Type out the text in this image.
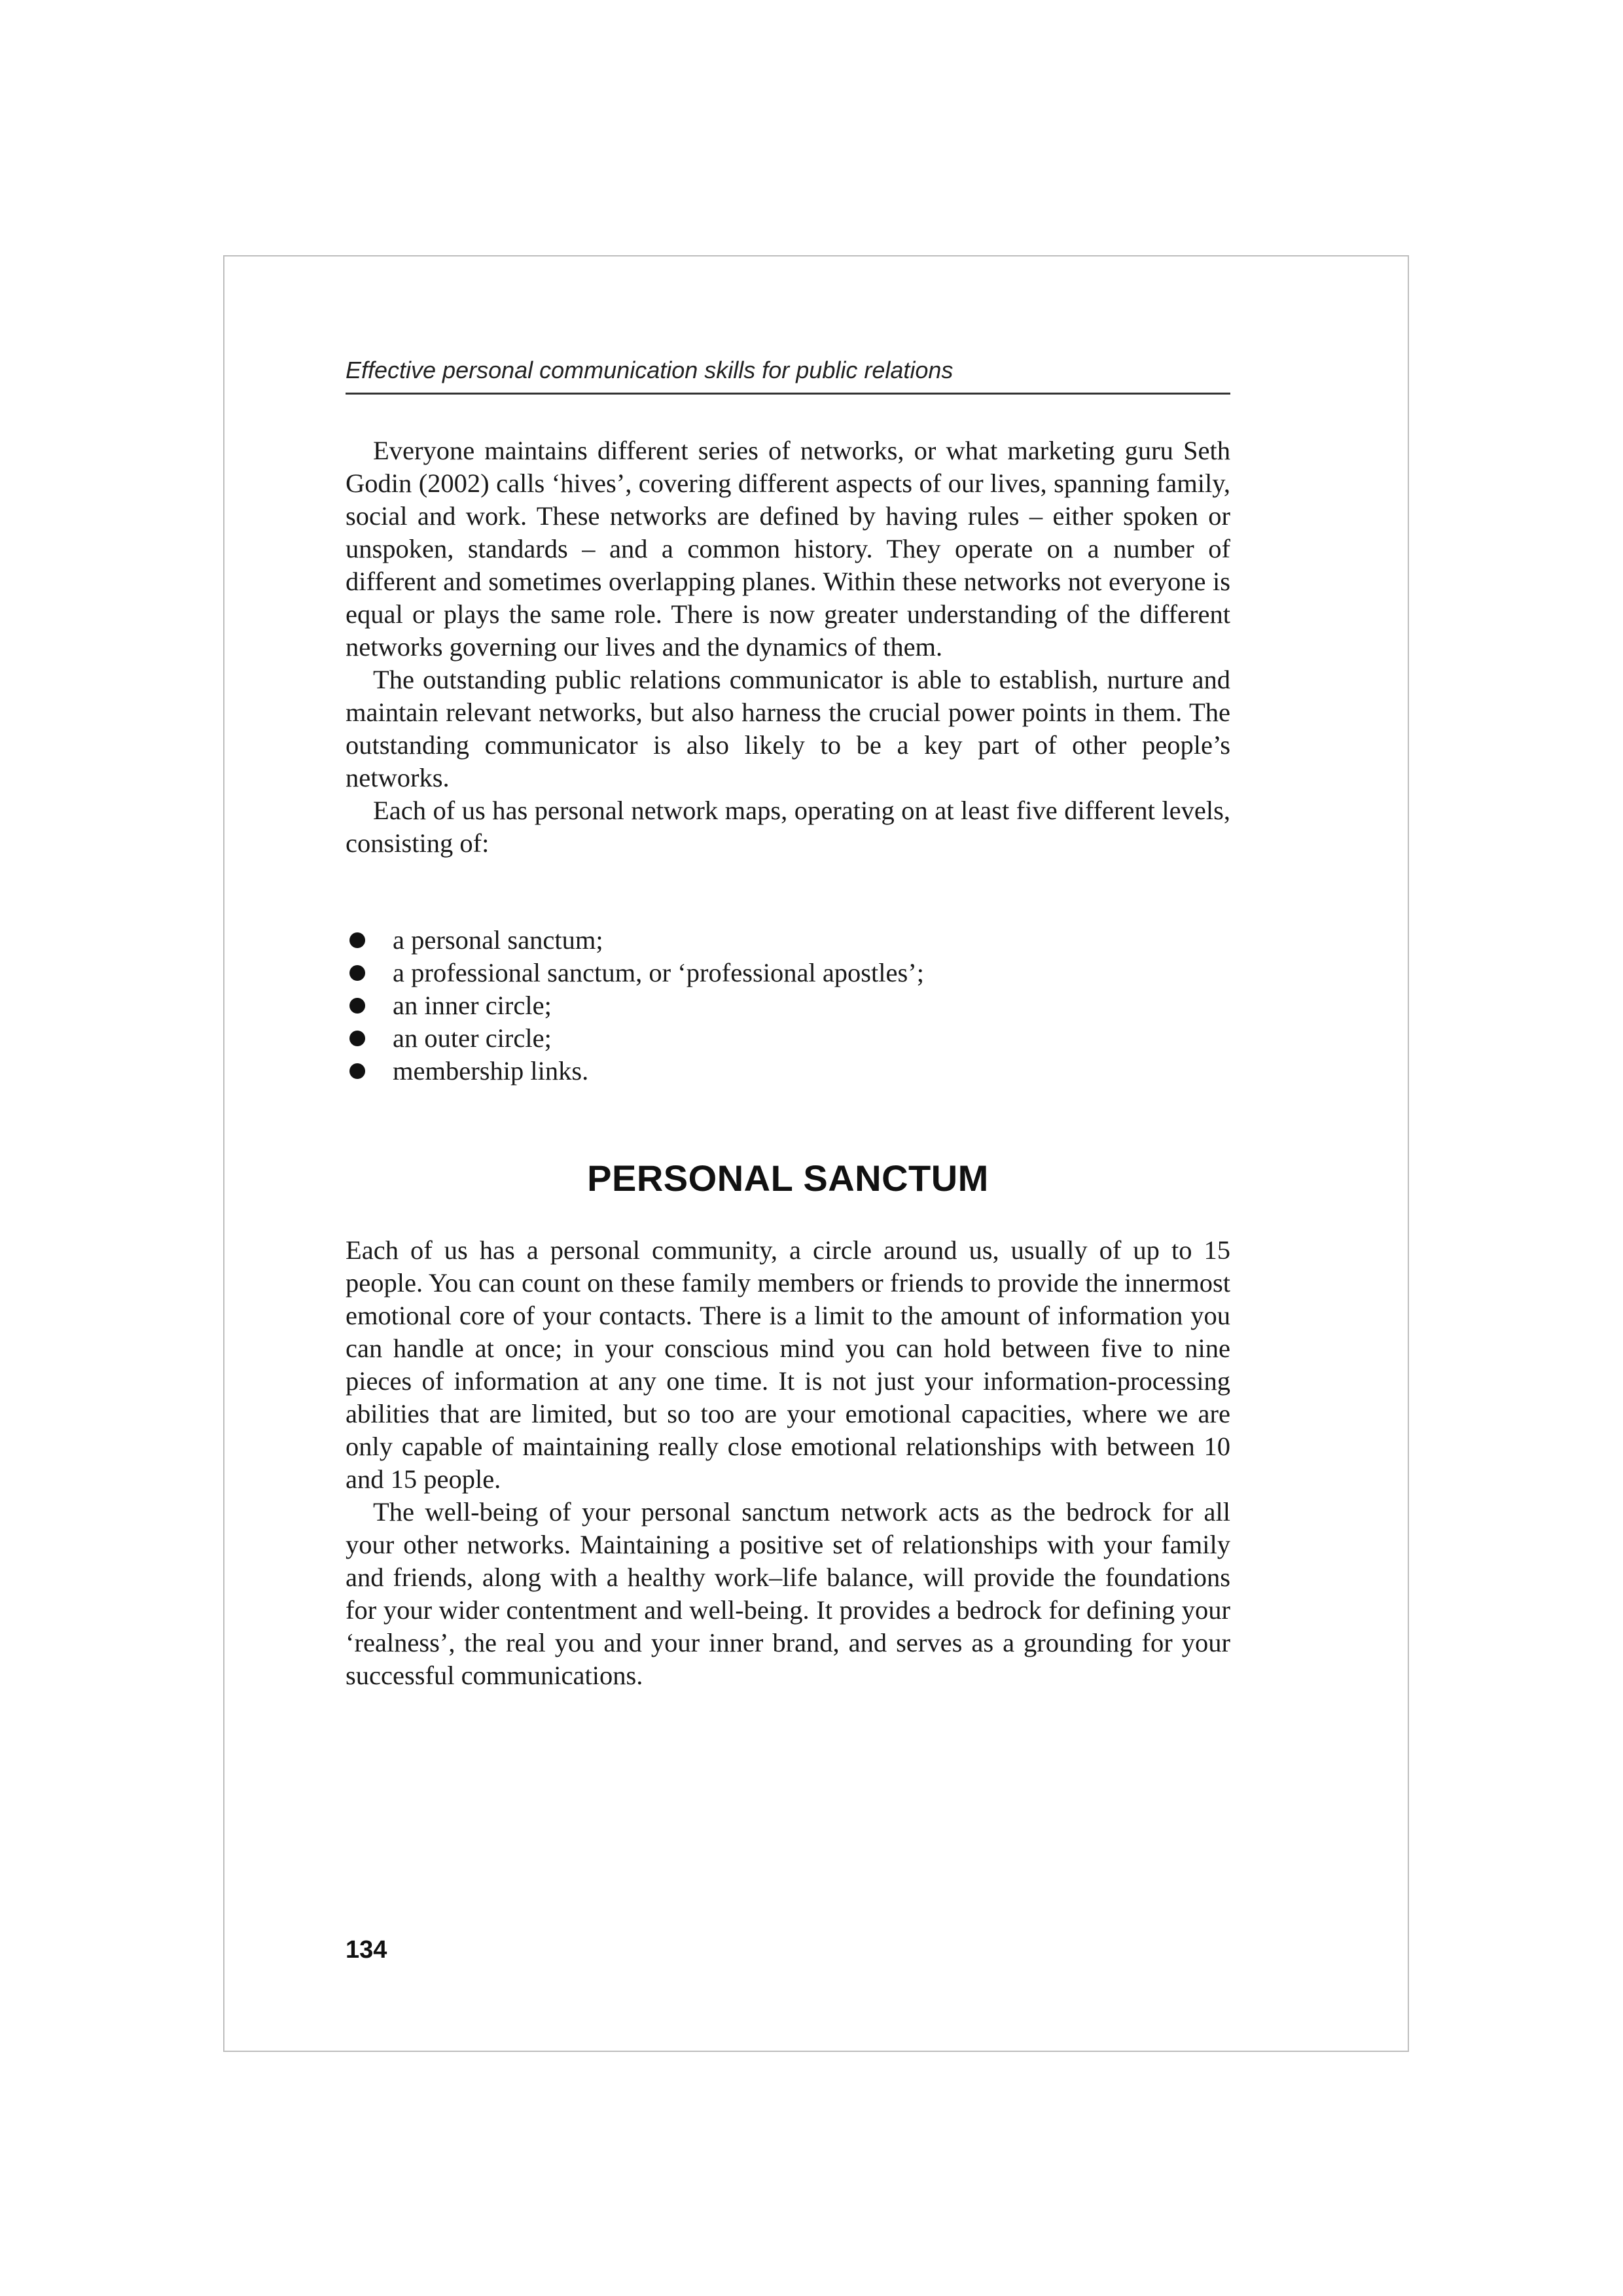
Effective personal communication skills for public relations

Everyone maintains different series of networks, or what marketing guru Seth Godin (2002) calls ‘hives’, covering different aspects of our lives, spanning family, social and work. These networks are defined by having rules – either spoken or unspoken, standards – and a common history. They operate on a number of different and sometimes overlapping planes. Within these networks not everyone is equal or plays the same role. There is now greater understanding of the different networks governing our lives and the dynamics of them.

The outstanding public relations communicator is able to establish, nurture and maintain relevant networks, but also harness the crucial power points in them. The outstanding communicator is also likely to be a key part of other people’s networks.

Each of us has personal network maps, operating on at least five different levels, consisting of:

a personal sanctum;
a professional sanctum, or ‘professional apostles’;
an inner circle;
an outer circle;
membership links.
PERSONAL SANCTUM

Each of us has a personal community, a circle around us, usually of up to 15 people. You can count on these family members or friends to provide the innermost emotional core of your contacts. There is a limit to the amount of information you can handle at once; in your conscious mind you can hold between five to nine pieces of information at any one time. It is not just your information-processing abilities that are limited, but so too are your emotional capacities, where we are only capable of maintaining really close emotional relationships with between 10 and 15 people.

The well-being of your personal sanctum network acts as the bedrock for all your other networks. Maintaining a positive set of relationships with your family and friends, along with a healthy work–life balance, will provide the foundations for your wider contentment and well-being. It provides a bedrock for defining your ‘realness’, the real you and your inner brand, and serves as a grounding for your successful communications.

134
